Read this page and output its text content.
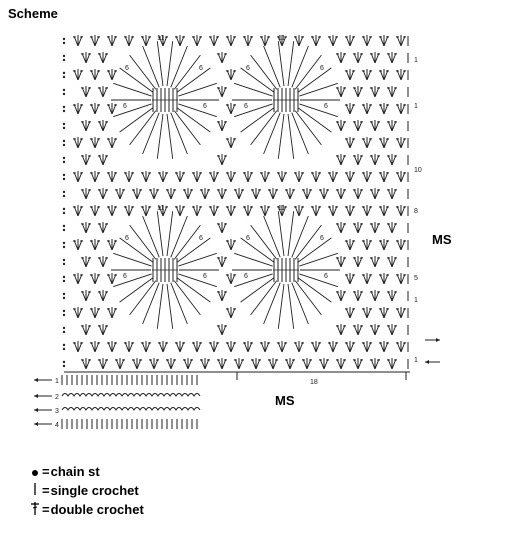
Scheme
11
6	6
6	6
11
6	6
6	6
11
6	6
6	6
11
6	6
6	6
18
1
1
10
8
5
1
1
1
2
3
4
MS
MS
= chain st
= single crochet
= double crochet
